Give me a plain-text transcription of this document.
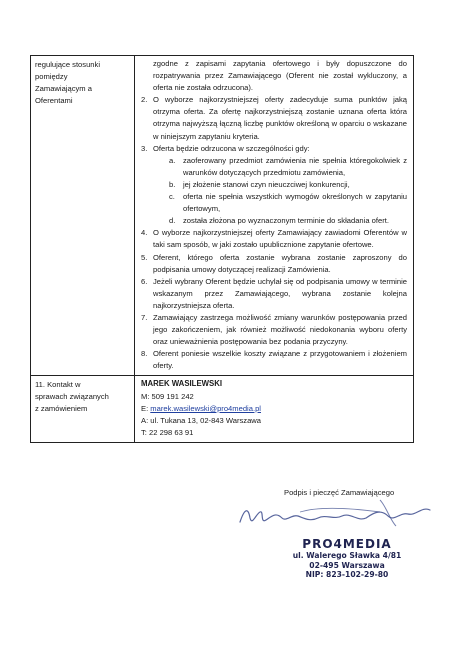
regulujące stosunki
pomiędzy
Zamawiającym a
Oferentami
zgodne z zapisami zapytania ofertowego i były dopuszczone do rozpatrywania przez Zamawiającego (Oferent nie został wykluczony, a oferta nie została odrzucona).
2. O wyborze najkorzystniejszej oferty zadecyduje suma punktów jaką otrzyma oferta. Za ofertę najkorzystniejszą zostanie uznana oferta która otrzyma najwyższą łączną liczbę punktów określoną w oparciu o wskazane w niniejszym zapytaniu kryteria.
3. Oferta będzie odrzucona w szczególności gdy:
a. zaoferowany przedmiot zamówienia nie spełnia któregokolwiek z warunków dotyczących przedmiotu zamówienia,
b. jej złożenie stanowi czyn nieuczciwej konkurencji,
c. oferta nie spełnia wszystkich wymogów określonych w zapytaniu ofertowym,
d. została złożona po wyznaczonym terminie do składania ofert.
4. O wyborze najkorzystniejszej oferty Zamawiający zawiadomi Oferentów w taki sam sposób, w jaki zostało upublicznione zapytanie ofertowe.
5. Oferent, którego oferta zostanie wybrana zostanie zaproszony do podpisania umowy dotyczącej realizacji Zamówienia.
6. Jeżeli wybrany Oferent będzie uchylał się od podpisania umowy w terminie wskazanym przez Zamawiającego, wybrana zostanie kolejna najkorzystniejsza oferta.
7. Zamawiający zastrzega możliwość zmiany warunków postępowania przed jego zakończeniem, jak również możliwość niedokonania wyboru oferty oraz unieważnienia postępowania bez podania przyczyny.
8. Oferent poniesie wszelkie koszty związane z przygotowaniem i złożeniem oferty.
11. Kontakt w
sprawach związanych
z zamówieniem
MAREK WASILEWSKI
M: 509 191 242
E: marek.wasilewski@pro4media.pl
A: ul. Tukana 13, 02-843 Warszawa
T: 22 298 63 91
Podpis i pieczęć Zamawiającego
PRO4MEDIA
ul. Walerego Sławka 4/81
02-495 Warszawa
NIP: 823-102-29-80
